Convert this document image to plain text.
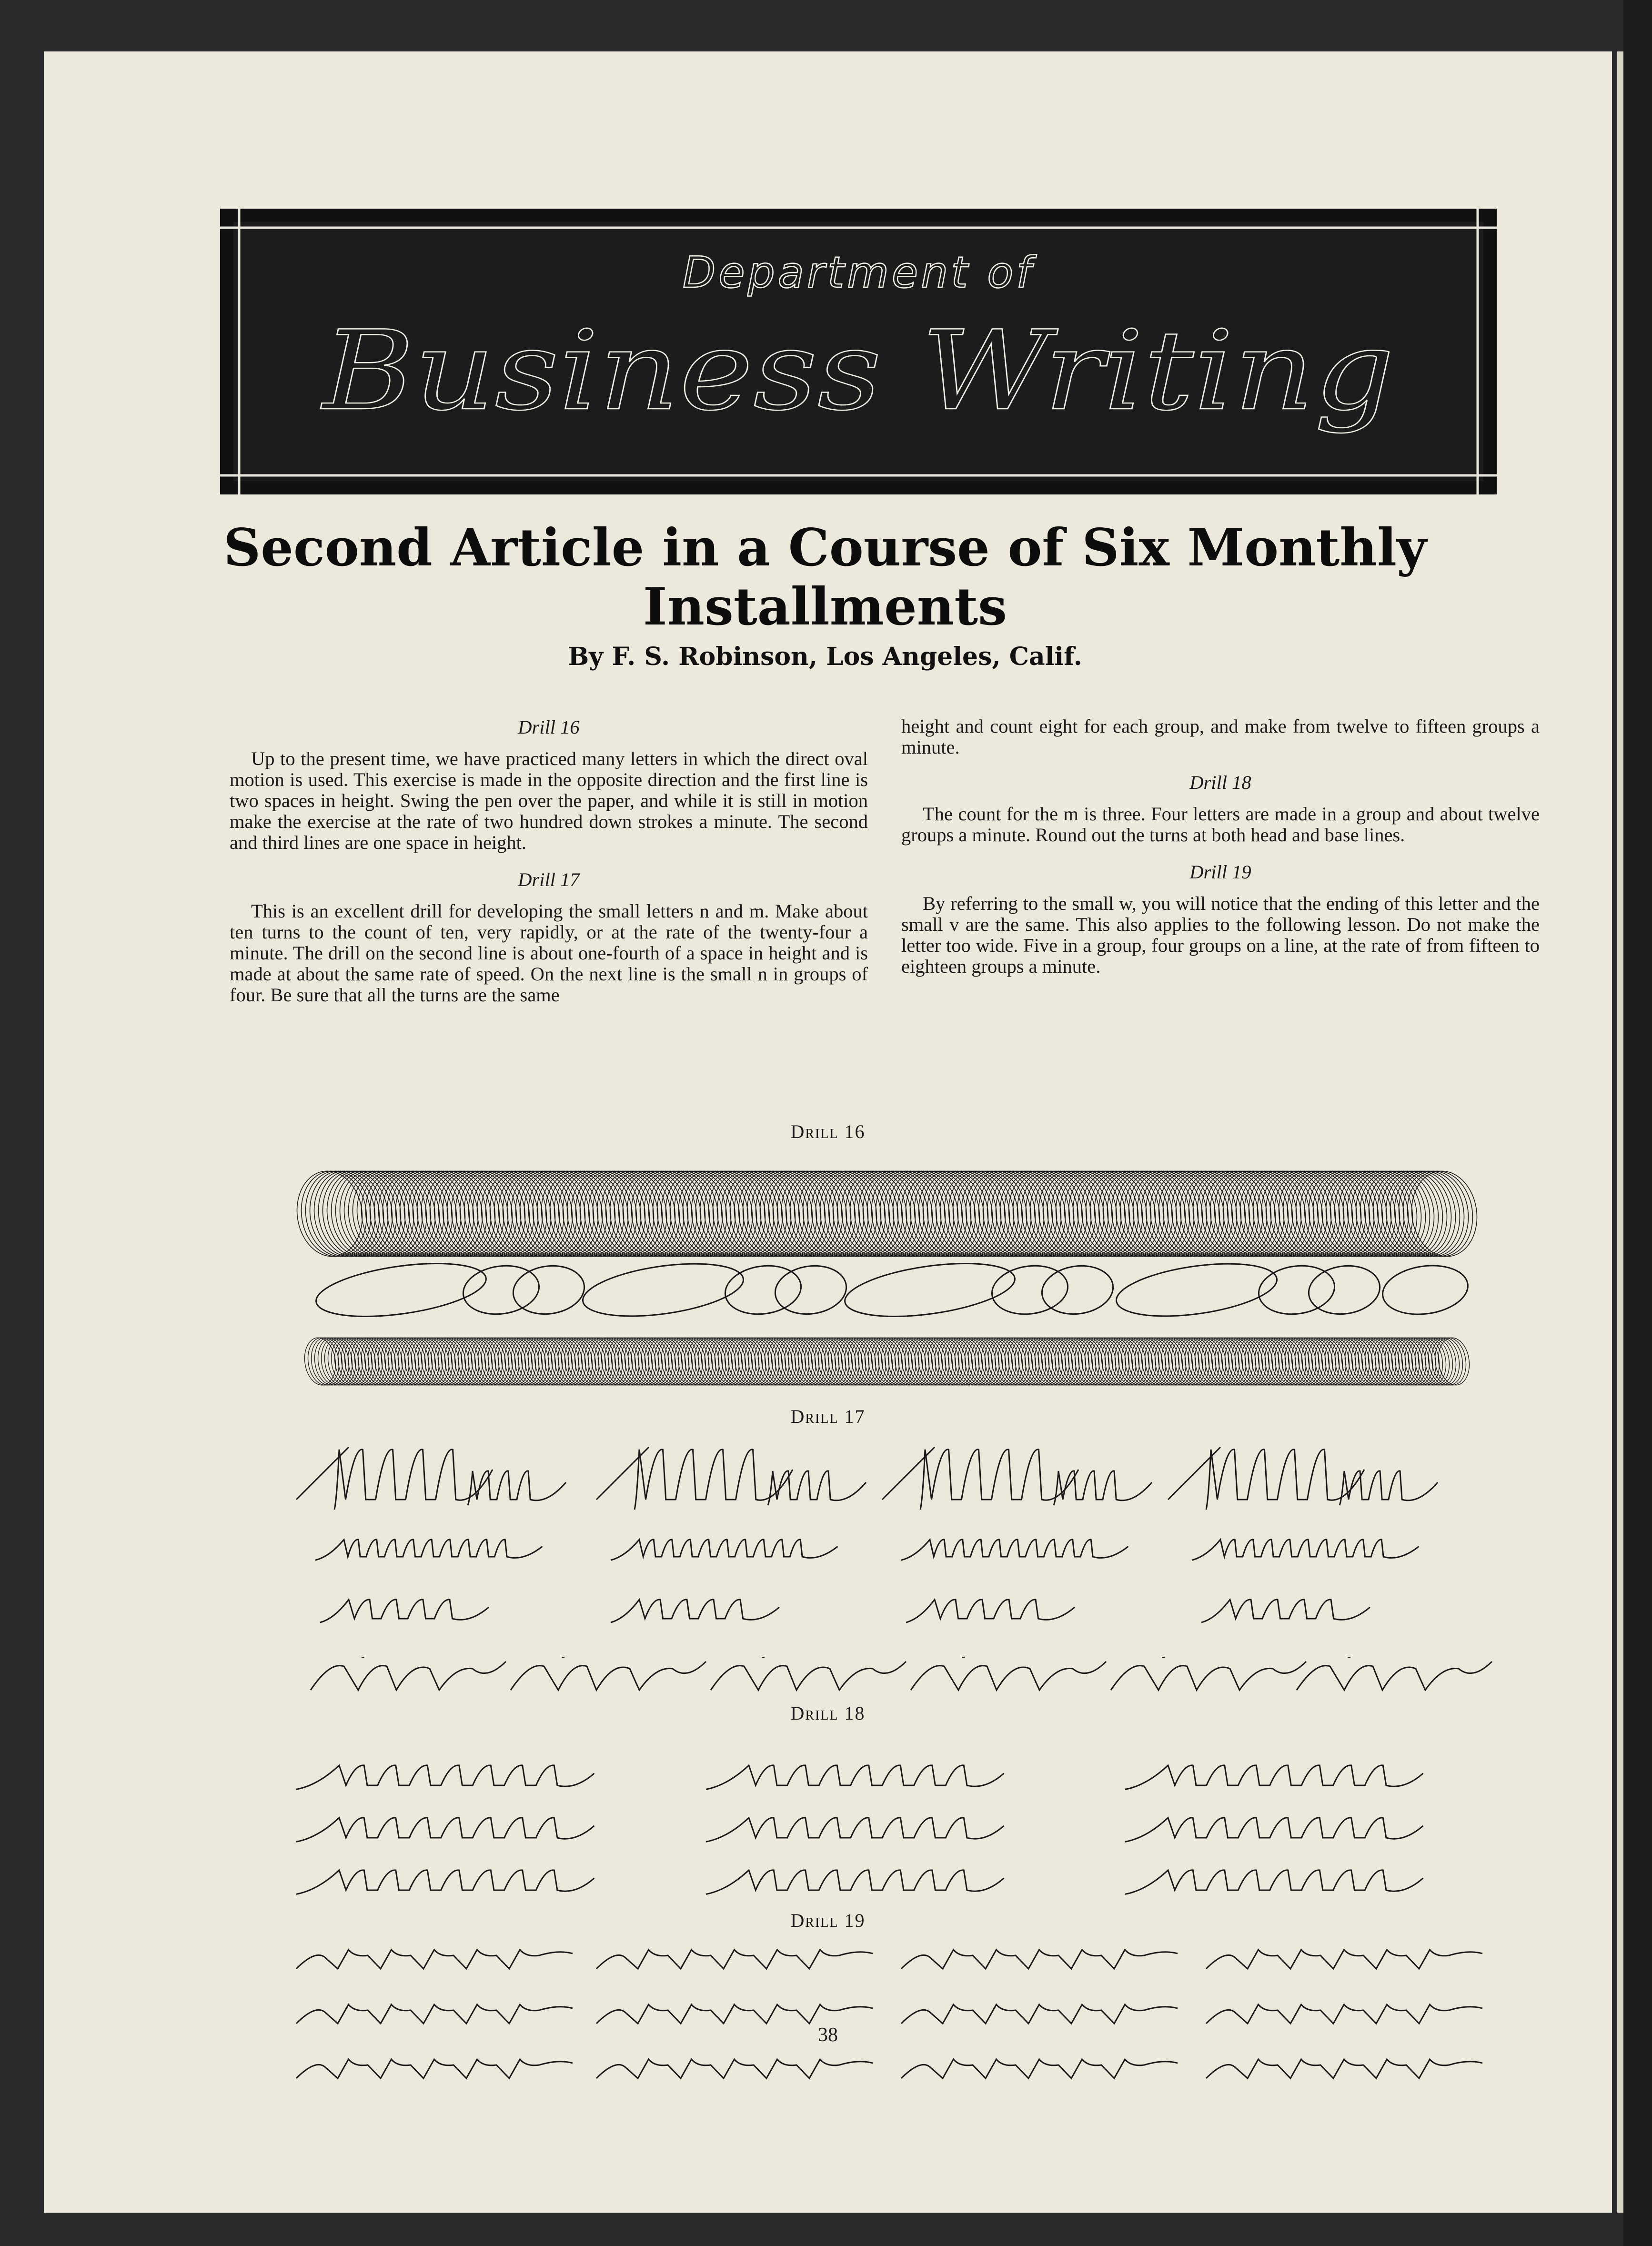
Department of
Business Writing
Second Article in a Course of Six Monthly Installments
By F. S. Robinson, Los Angeles, Calif.

Drill 16

Up to the present time, we have practiced many letters in which the direct oval motion is used. This exercise is made in the opposite direction and the first line is two spaces in height. Swing the pen over the paper, and while it is still in motion make the exercise at the rate of two hundred down strokes a minute. The second and third lines are one space in height.

Drill 17

This is an excellent drill for developing the small letters n and m. Make about ten turns to the count of ten, very rapidly, or at the rate of the twenty-four a minute. The drill on the second line is about one-fourth of a space in height and is made at about the same rate of speed. On the next line is the small n in groups of four. Be sure that all the turns are the same

height and count eight for each group, and make from twelve to fifteen groups a minute.

Drill 18

The count for the m is three. Four letters are made in a group and about twelve groups a minute. Round out the turns at both head and base lines.

Drill 19

By referring to the small w, you will notice that the ending of this letter and the small v are the same. This also applies to the following lesson. Do not make the letter too wide. Five in a group, four groups on a line, at the rate of from fifteen to eighteen groups a minute.

Drill 16
Drill 17
Drill 18
Drill 19
38
